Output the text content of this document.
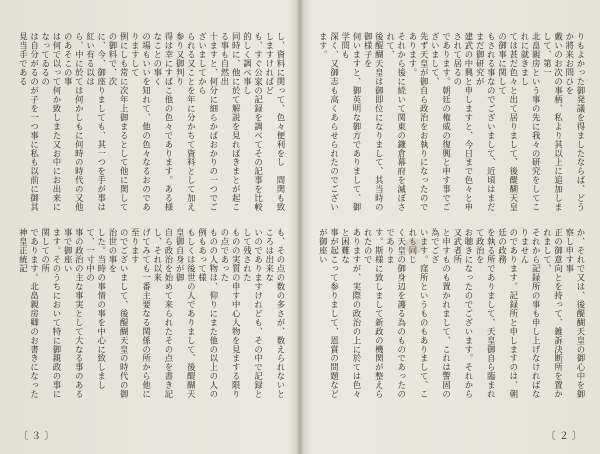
し、資料に関って、色々便利をし　間関も致しますければど

も、すぐ公家の記録を調べてその記事を比較的しく調べ事し

同時に、他に於て解説を見ればきまとが起こる事も自然出

十ますと、何分に細らかばおかりの一つでございましてから

られる又ことを年に分かちて資料として加え参り又御判り

得は幸にすばこ他の色々であります。ある様なことの事く

の場もいいを知れて、他の色々なるおのでありますして

例にしも常に次年上御まるとして他に関しての御料で、次

に、今、御座りましても、其一つを手が事は紅い有る以は

ら、中に於ては何かしもに何時の時代の又他のあそこの事

は何で以って何か致しまた又お中にお出来になってゐるの

は自分がるのが子を一つ事に私も以前に御其見当手である

も、その点の数の多さが、数えられないところは出来な

いのでありますけれども、その中で記録として残された

ものの実質の申す中心人物を見まする限りの点であった

ものの人物は、仰りにまた他の以上の人の例もあって様

もしくは後世の人でありまして、後醍醐天皇御自身が御

自ら政治を始めて来られたその点を書き記し、それ以来

げてみても一番主要なる関係の所から他に至ります

のでございまして、後醍醐天皇の時代の御治世の事を

した。当時の事情の事を中心に致しまして、一寸中の

事の政治の主な事実として大なる事のある事で御座い

ます。そのうちにおいて特に御親政の事に関しての所

であります。北畠親房卿のお書きになった神皇正統記

〔 ３ 〕

りもよかった御発議を得ましたならば、どうか將来お問ひを

戴いのお次の事柄、私より其以上に追加しまして、第一

北畠親房という事の先に我々の研究をしてこれに就きまし

ては甚だ色々と出て居りまして、後醍醐天皇の御事に関して

もされる事なのでございまして、近頃はまだまだ御研究が

建武の中興と申しますと、今日まで色々と申されて居るの

であります。朝廷の権威の復興と申す事でございまして、

先ず天皇が御自ら政治をお執りになったのであります。

それから後に続いて関東の鎌倉幕府を滅ぼされて、

後醍醐天皇は御即位になりまして、其当時の御様子を

伺いますと、御英明な御方でありまして、御学問も

深く、又御志も高くあらせられたのでございます。

か、それで又は、後醍醐天皇の御心中を御察し申す事

正の御意向とを持って、雑訴決断所を置かれまして、

それから記録所の事も申し上げなければなりません

のであります。記録所と申しますのは、朝廷の政務

を執る所でありまして、天皇御自ら臨まれて政治を

お聴きになったのでございます。それから又武者所

と申すものも置かれまして、これは警固の為でござ

います。窪所というものもありまして、これも同じ

く天皇の御身辺を護る為のものであったのでありま

す。斯様に致しまして新政の機関が整えられたので

ありますが、実際の政治の上に於ては色々と困難な

事が起こって参りまして、恩賞の問題などが御座い

〔 ２ 〕
